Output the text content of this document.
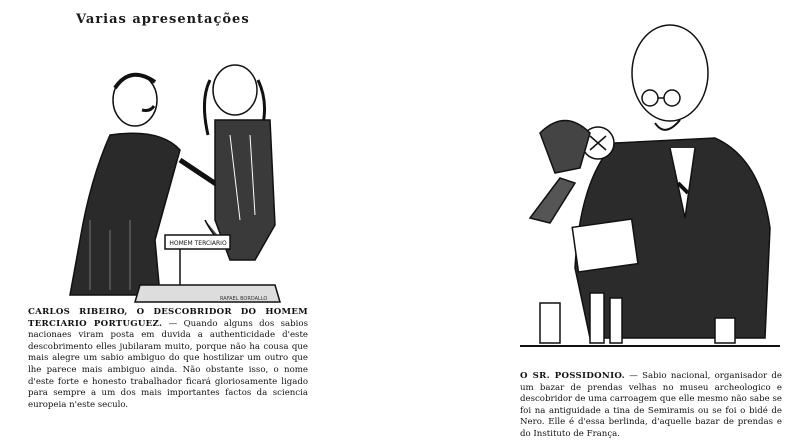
Varias apresentações
HOMEM TERCIARIO
RAFAEL BORDALLO

CARLOS RIBEIRO, O DESCOBRIDOR DO HOMEM TERCIARIO PORTUGUEZ. — Quando alguns dos sabios nacionaes viram posta em duvida a authenticidade d'este descobrimento elles jubilaram muito, porque não ha cousa que mais alegre um sabio ambiguo do que hostilizar um outro que lhe parece mais ambiguo ainda. Não obstante isso, o nome d'este forte e honesto trabalhador ficará gloriosamente ligado para sempre a um dos mais importantes factos da sciencia europeia n'este seculo.

O SR. POSSIDONIO. — Sabio nacional, organisador de um bazar de prendas velhas no museu archeologico e descobridor de uma carroagem que elle mesmo não sabe se foi na antiguidade a tina de Semiramis ou se foi o bidé de Nero. Elle é d'essa berlinda, d'aquelle bazar de prendas e do Instituto de França.
